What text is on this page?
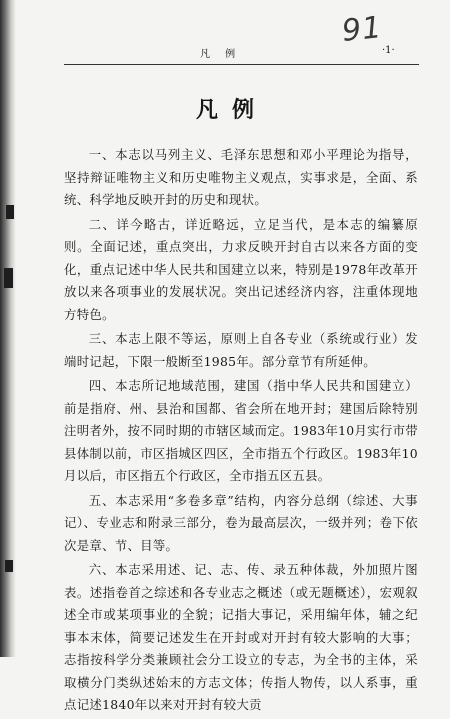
91
凡 例	·1·
凡例

一、本志以马列主义、毛泽东思想和邓小平理论为指导，坚持辩证唯物主义和历史唯物主义观点，实事求是，全面、系统、科学地反映开封的历史和现状。

二、详今略古，详近略远，立足当代，是本志的编纂原则。全面记述，重点突出，力求反映开封自古以来各方面的变化，重点记述中华人民共和国建立以来，特别是1978年改革开放以来各项事业的发展状况。突出记述经济内容，注重体现地方特色。

三、本志上限不等运，原则上自各专业（系统或行业）发端时记起，下限一般断至1985年。部分章节有所延伸。

四、本志所记地域范围，建国（指中华人民共和国建立）前是指府、州、县治和国都、省会所在地开封；建国后除特别注明者外，按不同时期的市辖区域而定。1983年10月实行市带县体制以前，市区指城区四区，全市指五个行政区。1983年10月以后，市区指五个行政区，全市指五区五县。

五、本志采用“多卷多章”结构，内容分总纲（综述、大事记）、专业志和附录三部分，卷为最高层次，一级并列；卷下依次是章、节、目等。

六、本志采用述、记、志、传、录五种体裁，外加照片图表。述指卷首之综述和各专业志之概述（或无题概述），宏观叙述全市或某项事业的全貌；记指大事记，采用编年体，辅之纪事本末体，简要记述发生在开封或对开封有较大影响的大事；志指按科学分类兼顾社会分工设立的专志，为全书的主体，采取横分门类纵述始末的方志文体；传指人物传，以人系事，重点记述1840年以来对开封有较大贡
